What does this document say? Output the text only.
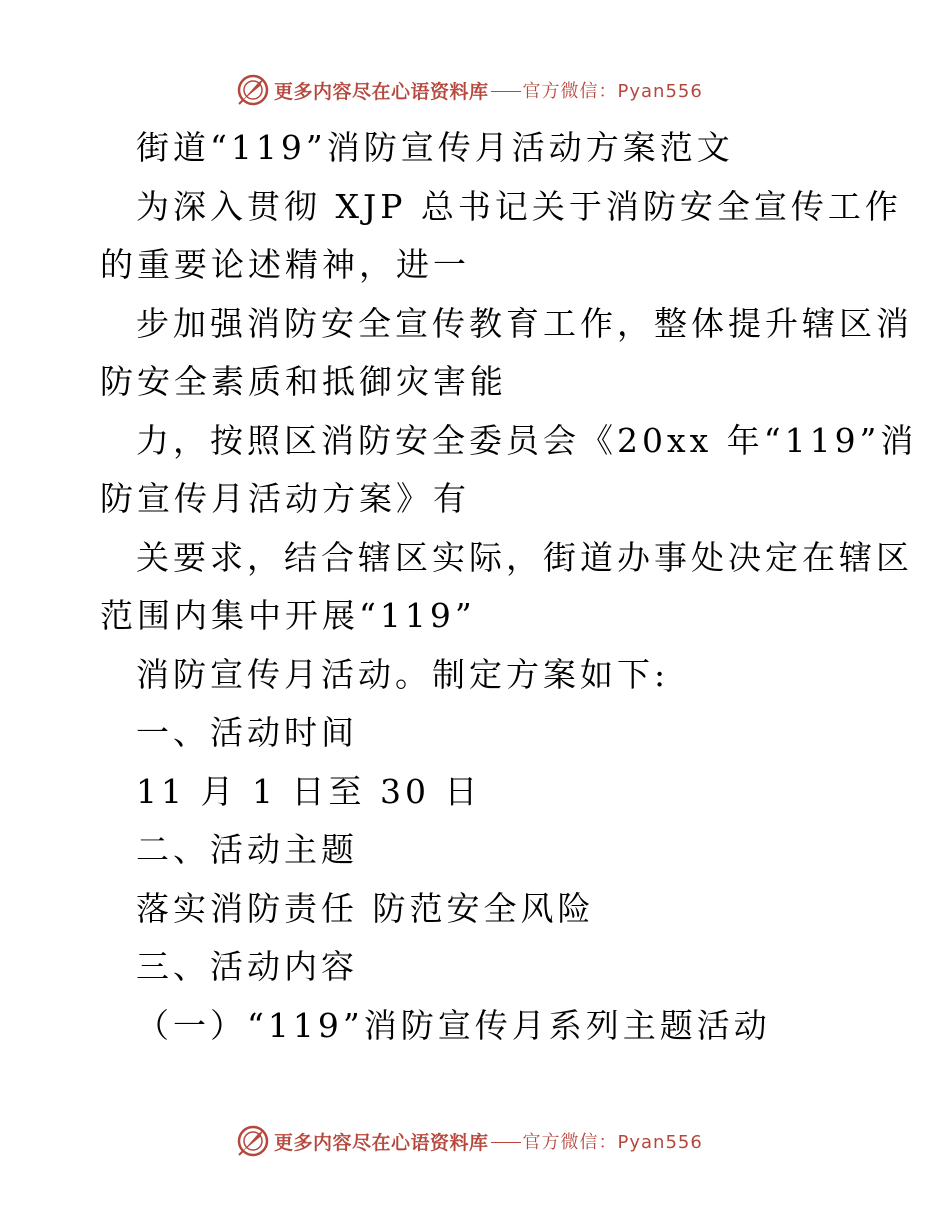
更多内容尽在心语资料库 官方微信：Pyan556
街道“119”消防宣传月活动方案范文
为深入贯彻 XJP 总书记关于消防安全宣传工作
的重要论述精神，进一
步加强消防安全宣传教育工作，整体提升辖区消
防安全素质和抵御灾害能
力，按照区消防安全委员会《20xx 年“119”消
防宣传月活动方案》有
关要求，结合辖区实际，街道办事处决定在辖区
范围内集中开展“119”
消防宣传月活动。制定方案如下:
一、活动时间
11 月 1 日至 30 日
二、活动主题
落实消防责任 防范安全风险
三、活动内容
（一）“119”消防宣传月系列主题活动
更多内容尽在心语资料库 官方微信：Pyan556
